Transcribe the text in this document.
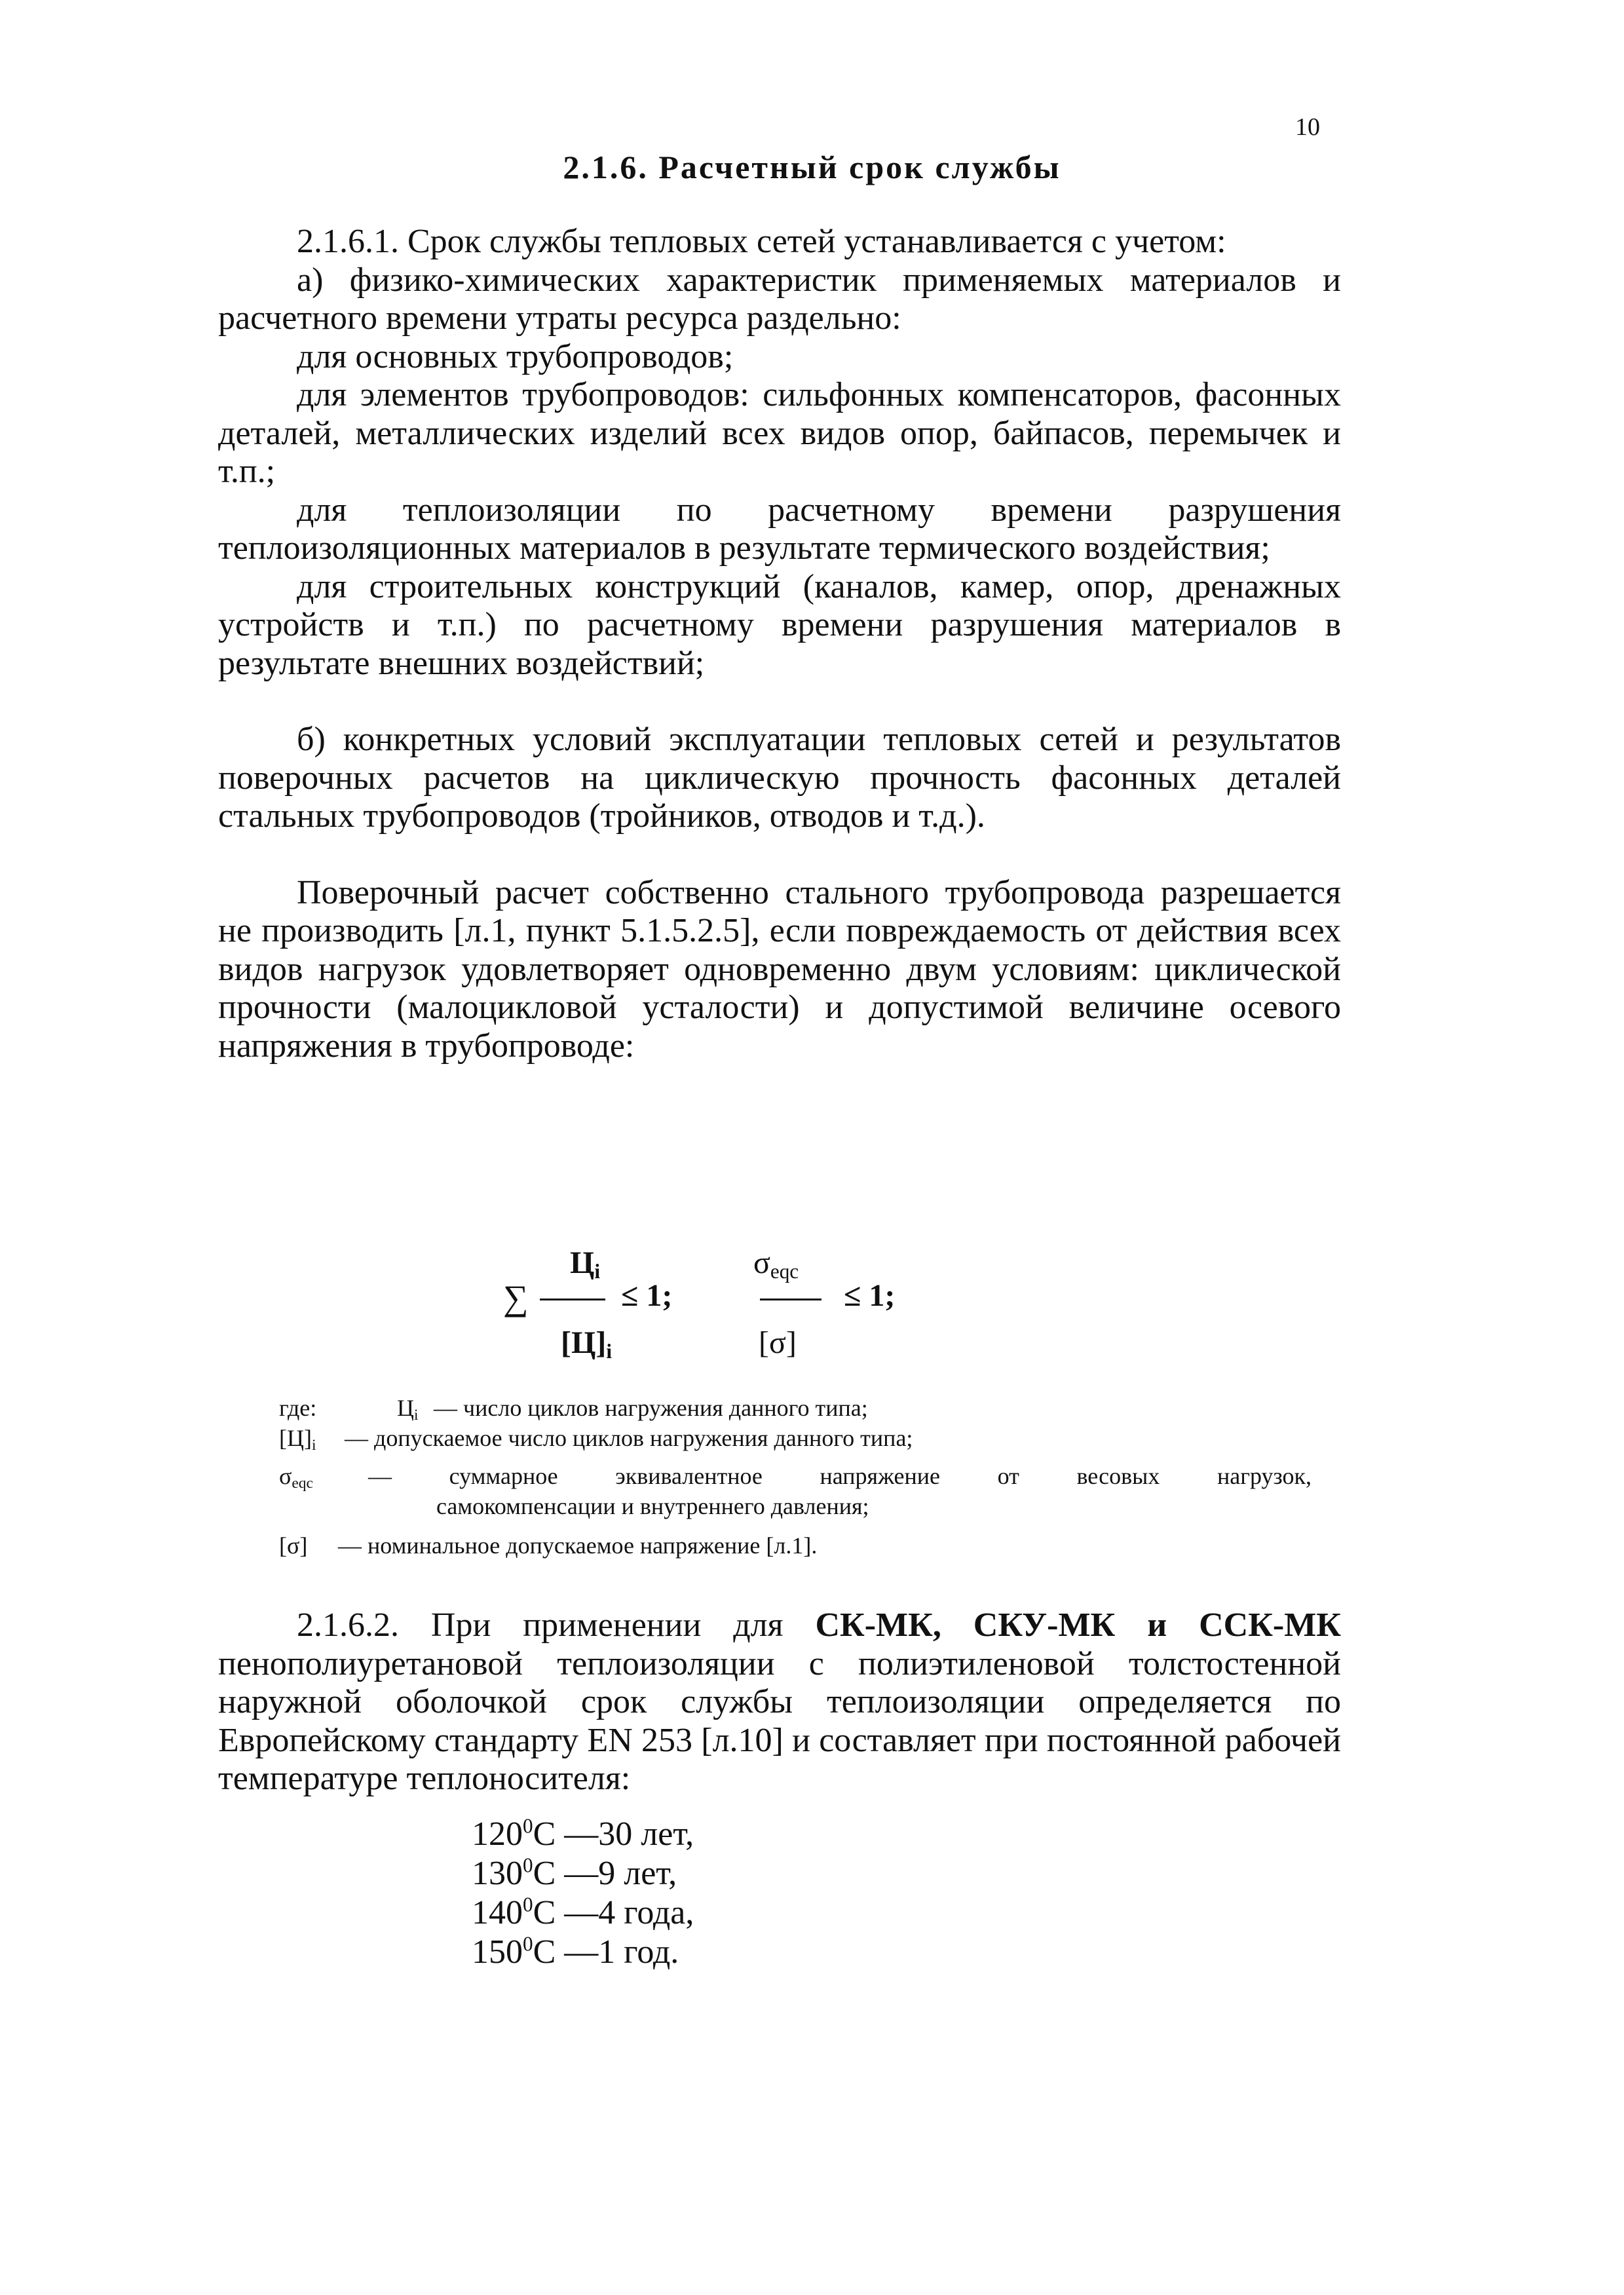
10
2.1.6. Расчетный срок службы

2.1.6.1. Срок службы тепловых сетей устанавливается с учетом:

а) физико-химических характеристик применяемых материалов и расчетного времени утраты ресурса раздельно:

для основных трубопроводов;

для элементов трубопроводов: сильфонных компенсаторов, фасонных деталей, металлических изделий всех видов опор, байпасов, перемычек и т.п.;

для теплоизоляции по расчетному времени разрушения теплоизоляционных материалов в результате термического воздействия;

для строительных конструкций (каналов, камер, опор, дренажных устройств и т.п.) по расчетному времени разрушения материалов в результате внешних воздействий;

б) конкретных условий эксплуатации тепловых сетей и результатов поверочных расчетов на циклическую прочность фасонных деталей стальных трубопроводов (тройников, отводов и т.д.).

Поверочный расчет собственно стального трубопровода разрешается не производить [л.1, пункт 5.1.5.2.5], если повреждаемость от действия всех видов нагрузок удовлетворяет одновременно двум условиям: циклической прочности (малоцикловой усталости) и допустимой величине осевого напряжения в трубопроводе:

$Ц_i$
∑	≤ 1;
$[Ц]_i$
$\sigma_{eqc}$
≤ 1;
[σ]
где:	$Ц_i$ — число циклов нагружения данного типа;
$[Ц]_i$ — допускаемое число циклов нагружения данного типа;
$\sigma_{eqc}$ — суммарное эквивалентное напряжение от весовых нагрузок,
самокомпенсации и внутреннего давления;
[σ] — номинальное допускаемое напряжение [л.1].

2.1.6.2. При применении для СК-МК, СКУ-МК и ССК-МК пенополиуретановой теплоизоляции с полиэтиленовой толстостенной наружной оболочкой срок службы теплоизоляции определяется по Европейскому стандарту EN 253 [л.10] и составляет при постоянной рабочей температуре теплоносителя:

$120^0С$ —30 лет,
$130^0С$ —9 лет,
$140^0С$ —4 года,
$150^0С$ —1 год.
